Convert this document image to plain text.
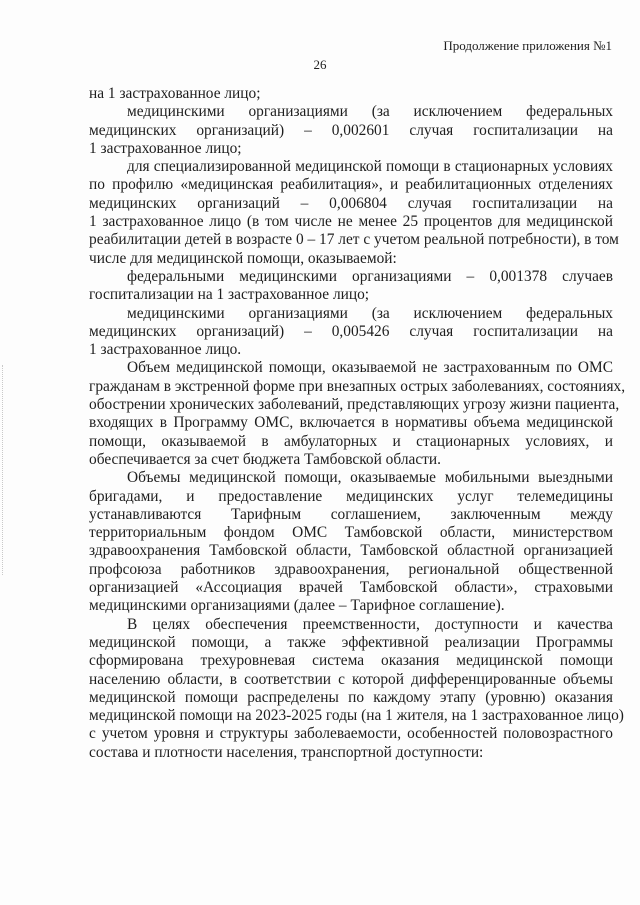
Продолжение приложения №1
26

на 1 застрахованное лицо;

медицинскими организациями (за исключением федеральных

медицинских организаций) – 0,002601 случая госпитализации на

1 застрахованное лицо;

для специализированной медицинской помощи в стационарных условиях

по профилю «медицинская реабилитация», и реабилитационных отделениях

медицинских организаций – 0,006804 случая госпитализации на

1 застрахованное лицо (в том числе не менее 25 процентов для медицинской

реабилитации детей в возрасте 0 – 17 лет с учетом реальной потребности), в том

числе для медицинской помощи, оказываемой:

федеральными медицинскими организациями – 0,001378 случаев

госпитализации на 1 застрахованное лицо;

медицинскими организациями (за исключением федеральных

медицинских организаций) – 0,005426 случая госпитализации на

1 застрахованное лицо.

Объем медицинской помощи, оказываемой не застрахованным по ОМС

гражданам в экстренной форме при внезапных острых заболеваниях, состояниях,

обострении хронических заболеваний, представляющих угрозу жизни пациента,

входящих в Программу ОМС, включается в нормативы объема медицинской

помощи, оказываемой в амбулаторных и стационарных условиях, и

обеспечивается за счет бюджета Тамбовской области.

Объемы медицинской помощи, оказываемые мобильными выездными

бригадами, и предоставление медицинских услуг телемедицины

устанавливаются Тарифным соглашением, заключенным между

территориальным фондом ОМС Тамбовской области, министерством

здравоохранения Тамбовской области, Тамбовской областной организацией

профсоюза работников здравоохранения, региональной общественной

организацией «Ассоциация врачей Тамбовской области», страховыми

медицинскими организациями (далее – Тарифное соглашение).

В целях обеспечения преемственности, доступности и качества

медицинской помощи, а также эффективной реализации Программы

сформирована трехуровневая система оказания медицинской помощи

населению области, в соответствии с которой дифференцированные объемы

медицинской помощи распределены по каждому этапу (уровню) оказания

медицинской помощи на 2023-2025 годы (на 1 жителя, на 1 застрахованное лицо)

с учетом уровня и структуры заболеваемости, особенностей половозрастного

состава и плотности населения, транспортной доступности:
